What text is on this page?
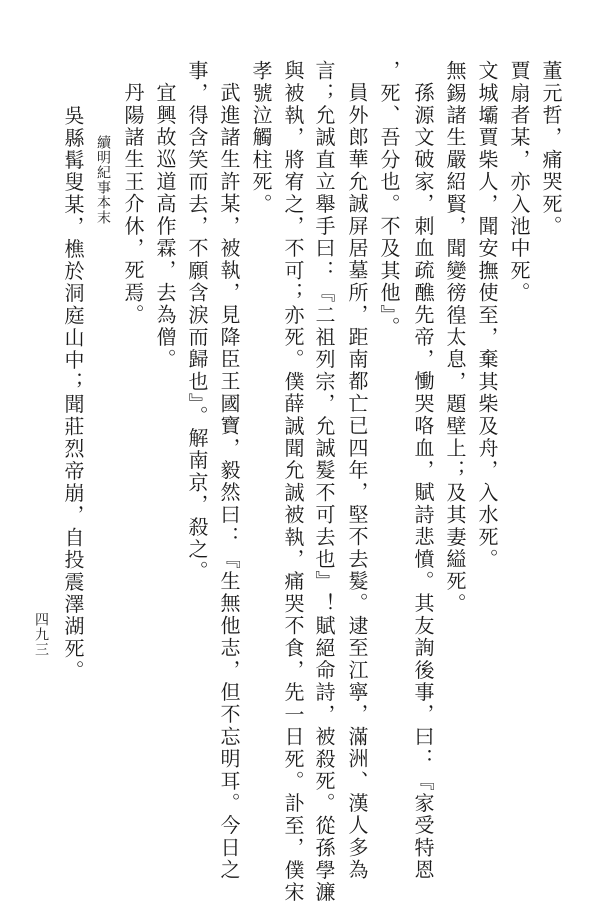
董元哲，痛哭死。
賈扇者某，亦入池中死。
文城壩賈柴人，聞安撫使至，棄其柴及舟，入水死。
無錫諸生嚴紹賢，聞變徬徨太息，題壁上；及其妻縊死。
孫源文破家，刺血疏醮先帝，慟哭咯血，賦詩悲憤。其友詢後事，曰：『家受特恩
，死、吾分也。不及其他』。
員外郎華允誠屏居墓所，距南都亡已四年，堅不去髮。逮至江寧，滿洲、漢人多為
言；允誠直立舉手曰：『二祖列宗，允誠髮不可去也』！賦絕命詩，被殺死。從孫學濂
與被執，將宥之，不可；亦死。僕薛誠聞允誠被執，痛哭不食，先一日死。訃至，僕宋
孝號泣觸柱死。
武進諸生許某，被執，見降臣王國寶，毅然曰：『生無他志，但不忘明耳。今日之
事，得含笑而去，不願含淚而歸也』。解南京，殺之。
宜興故巡道高作霖，去為僧。
丹陽諸生王介休，死焉。
續明紀事本末
吳縣髯叟某，樵於洞庭山中；聞莊烈帝崩，自投震澤湖死。
四九三
